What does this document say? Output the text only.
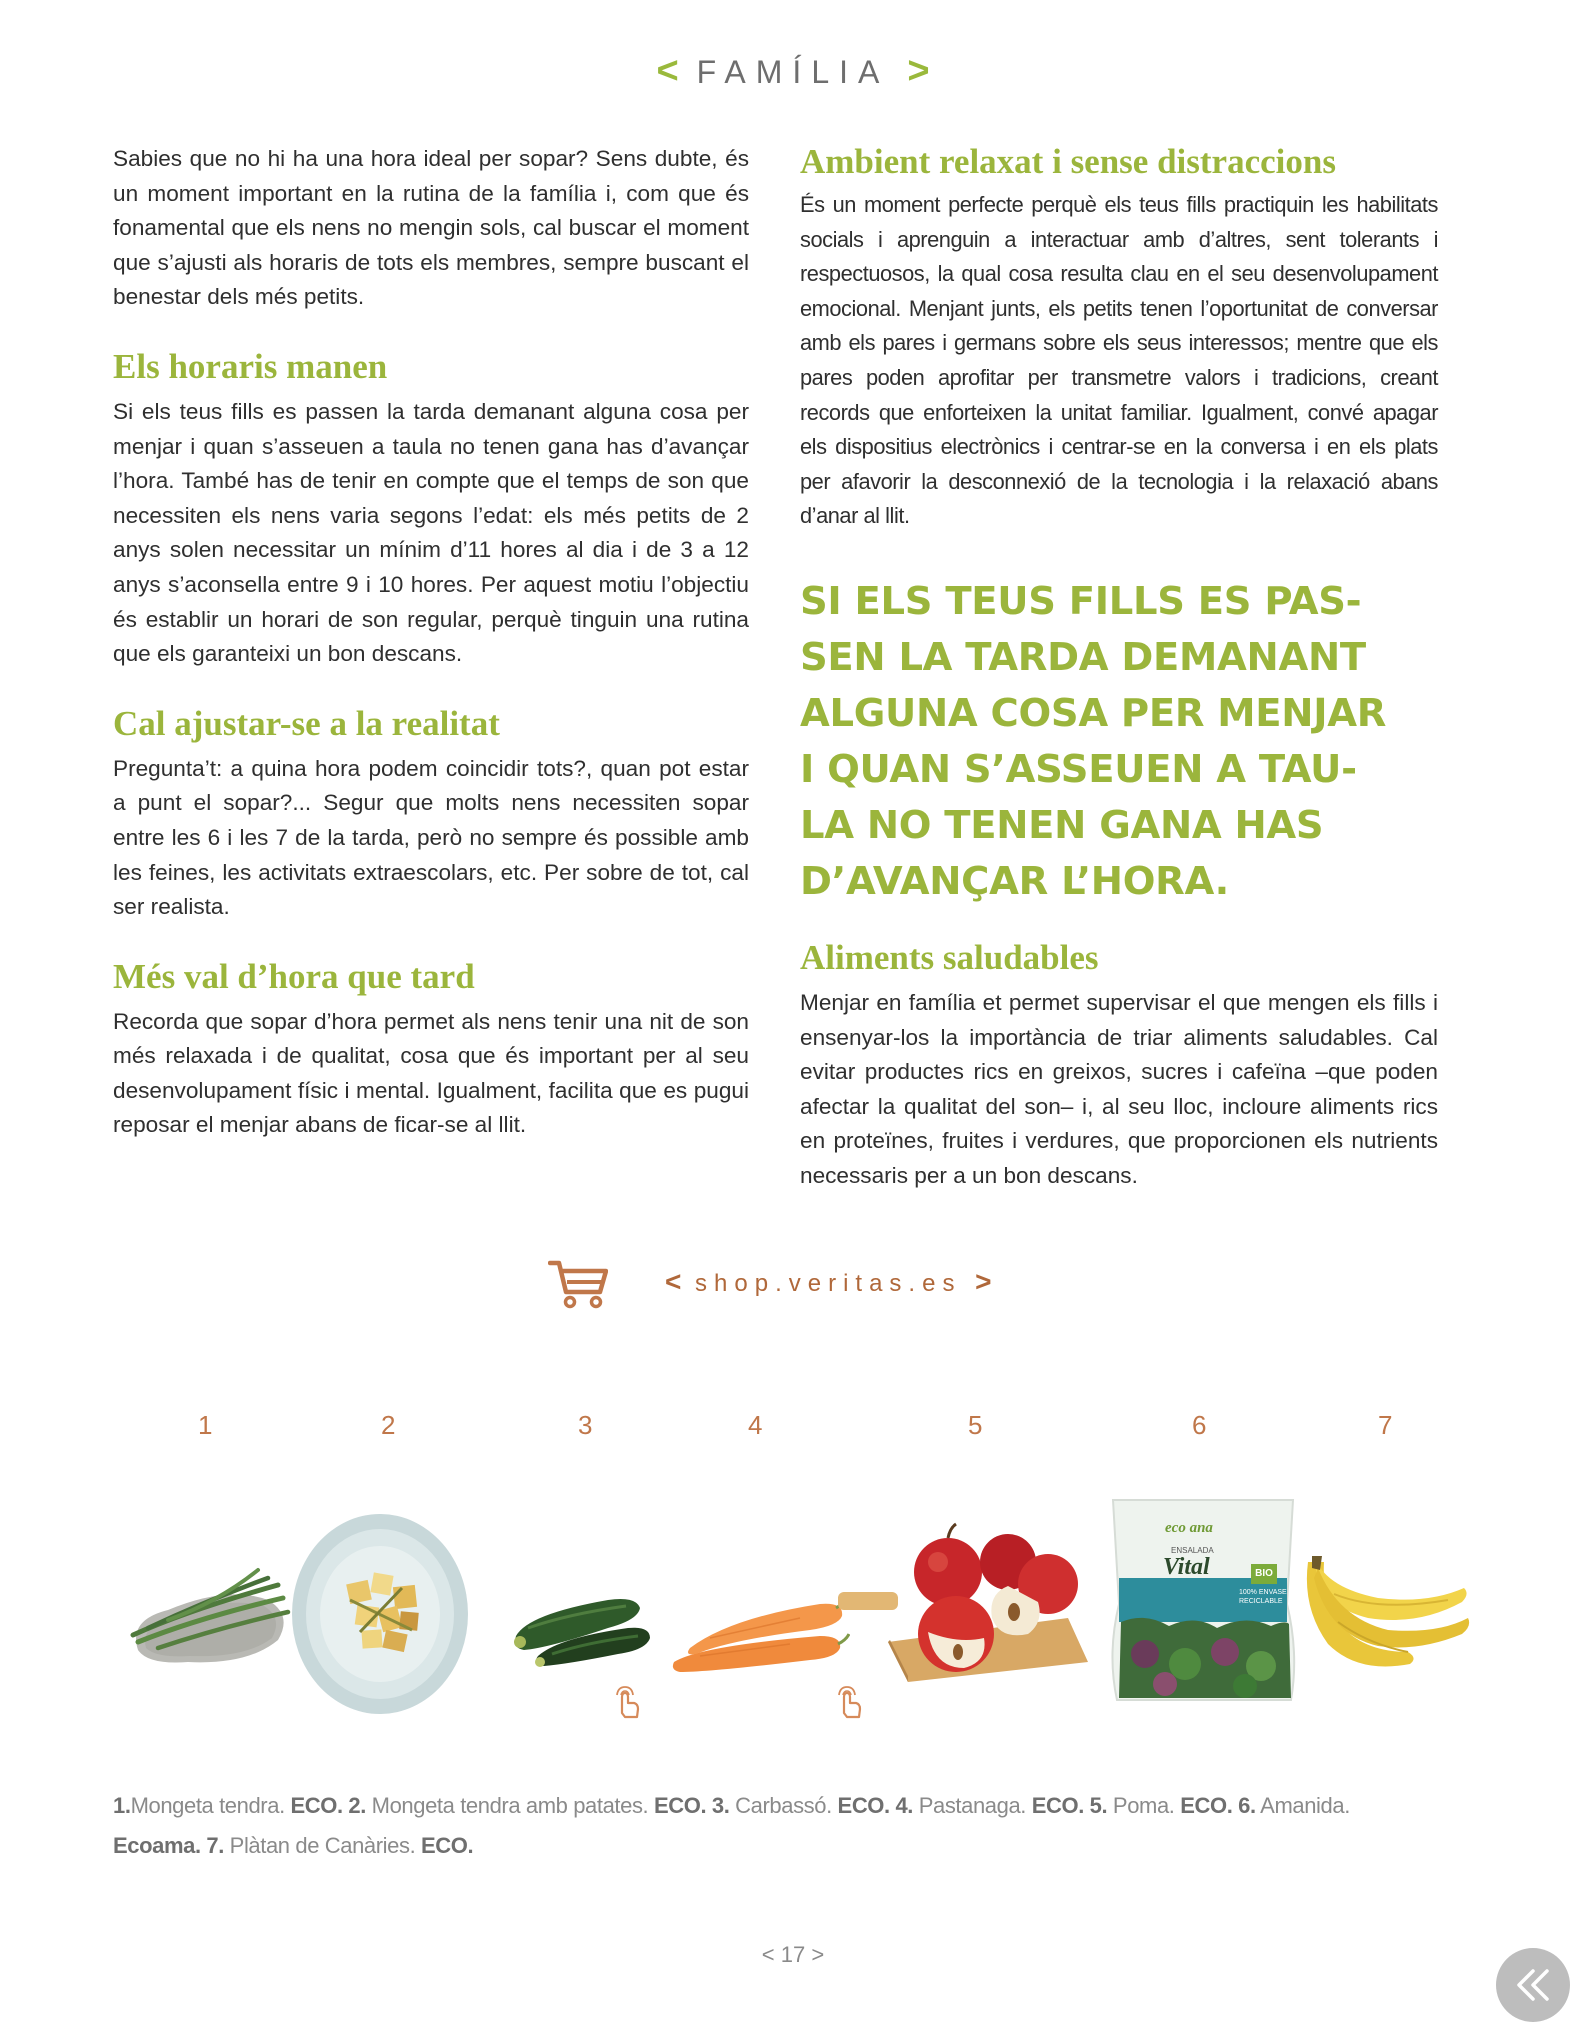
< FAMÍLIA >

Sabies que no hi ha una hora ideal per sopar? Sens dubte, és un moment important en la rutina de la família i, com que és fonamental que els nens no mengin sols, cal buscar el moment que s’ajusti als horaris de tots els membres, sempre buscant el benestar dels més petits.

Els horaris manen

Si els teus fills es passen la tarda demanant alguna cosa per menjar i quan s’asseuen a taula no tenen gana has d’avançar l’hora. També has de tenir en compte que el temps de son que necessiten els nens varia segons l’edat: els més petits de 2 anys solen necessitar un mínim d’11 hores al dia i de 3 a 12 anys s’aconsella entre 9 i 10 hores. Per aquest motiu l’objectiu és establir un horari de son regular, perquè tinguin una rutina que els garanteixi un bon descans.

Cal ajustar-se a la realitat

Pregunta’t: a quina hora podem coincidir tots?, quan pot estar a punt el sopar?... Segur que molts nens necessiten sopar entre les 6 i les 7 de la tarda, però no sempre és possible amb les feines, les activitats extraescolars, etc. Per sobre de tot, cal ser realista.

Més val d’hora que tard

Recorda que sopar d’hora permet als nens tenir una nit de son més relaxada i de qualitat, cosa que és important per al seu desenvolupament físic i mental. Igualment, facilita que es pugui reposar el menjar abans de ficar-se al llit.

Ambient relaxat i sense distraccions

És un moment perfecte perquè els teus fills practiquin les habilitats socials i aprenguin a interactuar amb d’altres, sent tolerants i respectuosos, la qual cosa resulta clau en el seu desenvolupament emocional. Menjant junts, els petits tenen l’oportunitat de conversar amb els pares i germans sobre els seus interessos; mentre que els pares poden aprofitar per transmetre valors i tradicions, creant records que enforteixen la unitat familiar. Igualment, convé apagar els dispositius electrònics i centrar-se en la conversa i en els plats per afavorir la desconnexió de la tecnologia i la relaxació abans d’anar al llit.

SI ELS TEUS FILLS ES PAS-
SEN LA TARDA DEMANANT
ALGUNA COSA PER MENJAR
I QUAN S’ASSEUEN A TAU-
LA NO TENEN GANA HAS
D’AVANÇAR L’HORA.
Aliments saludables

Menjar en família et permet supervisar el que mengen els fills i ensenyar-los la importància de triar aliments saludables. Cal evitar productes rics en greixos, sucres i cafeïna –que poden afectar la qualitat del son– i, al seu lloc, incloure aliments rics en proteïnes, fruites i verdures, que proporcionen els nutrients necessaris per a un bon descans.

< shop.veritas.es >
1	2	3	4	5	6	7
eco ana
ENSALADA
Vital	BIO
100% ENVASE RECICLABLE
1.Mongeta tendra. ECO. 2. Mongeta tendra amb patates. ECO. 3. Carbassó. ECO. 4. Pastanaga. ECO. 5. Poma. ECO. 6. Amanida.
Ecoama. 7. Plàtan de Canàries. ECO.
< 17 >
